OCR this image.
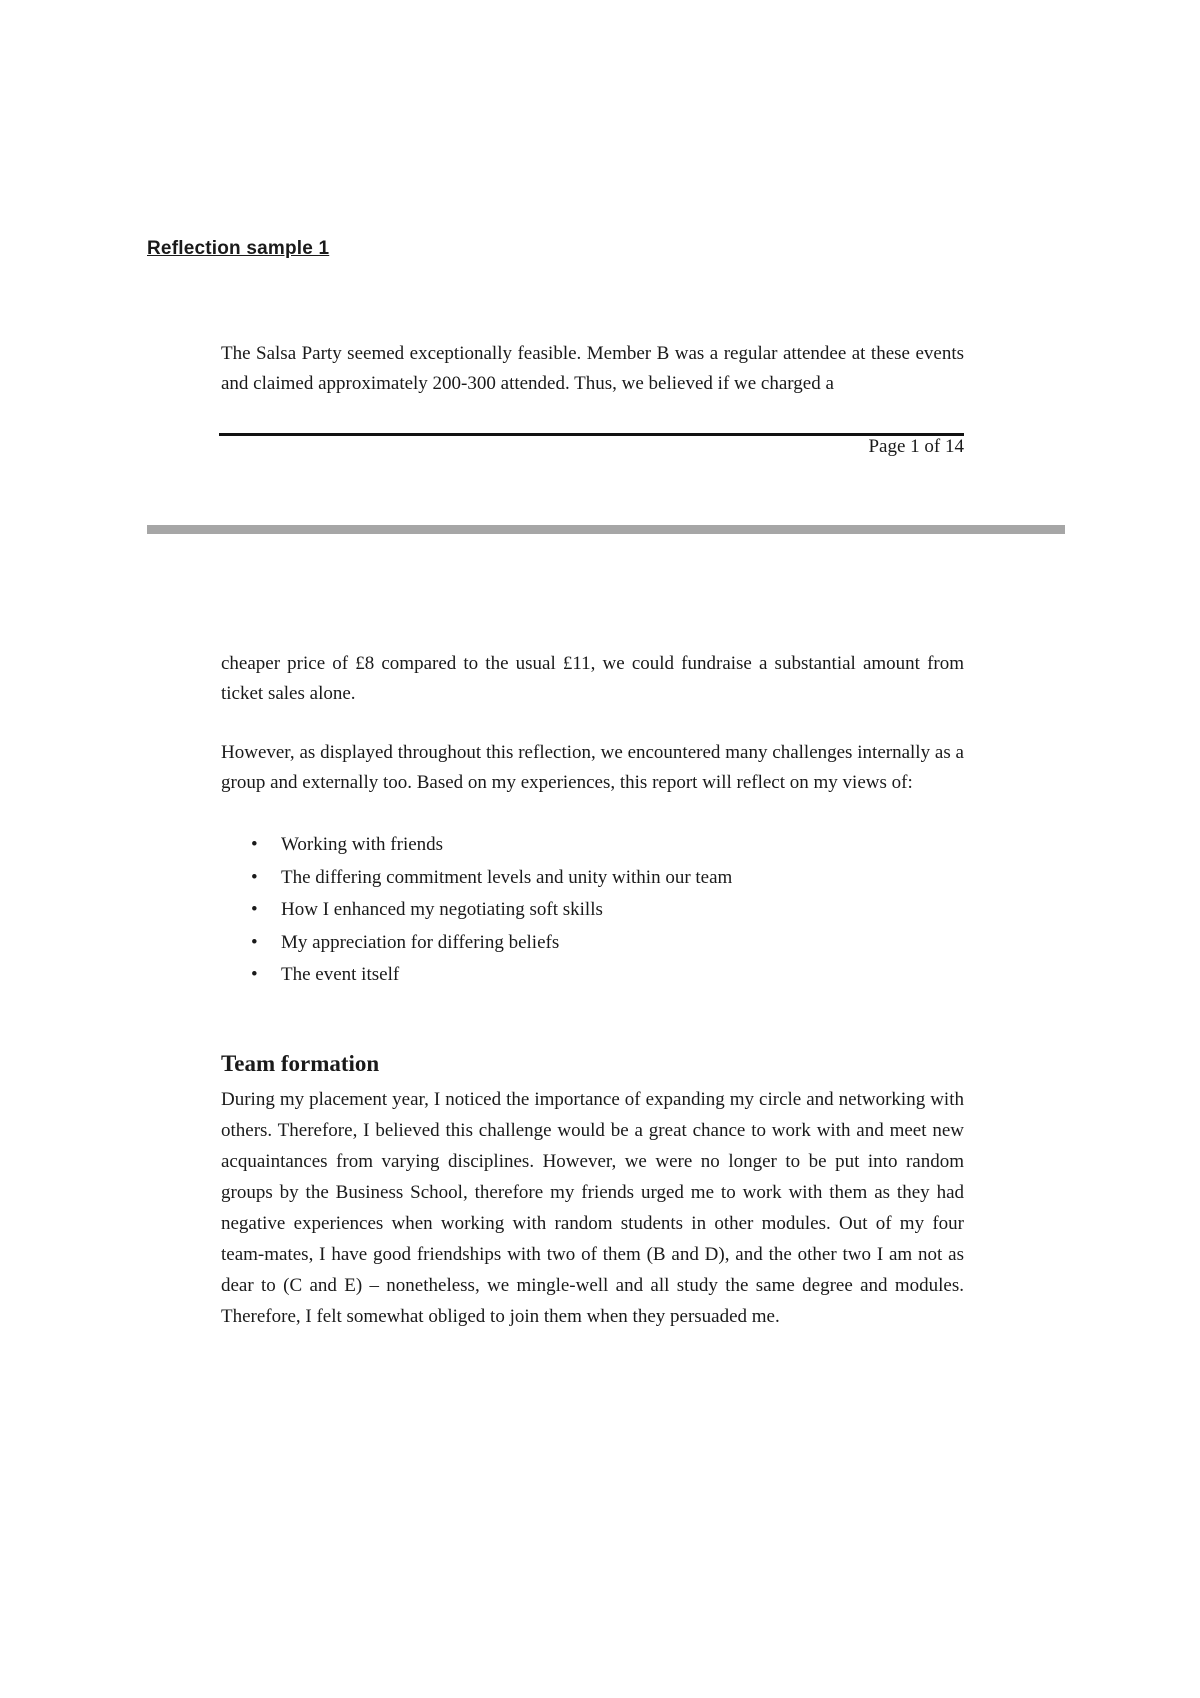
Reflection sample 1

The Salsa Party seemed exceptionally feasible. Member B was a regular attendee at these events and claimed approximately 200-300 attended. Thus, we believed if we charged a

Page 1 of 14

cheaper price of £8 compared to the usual £11, we could fundraise a substantial amount from ticket sales alone.

However, as displayed throughout this reflection, we encountered many challenges internally as a group and externally too. Based on my experiences, this report will reflect on my views of:

• Working with friends
• The differing commitment levels and unity within our team
• How I enhanced my negotiating soft skills
• My appreciation for differing beliefs
• The event itself
Team formation

During my placement year, I noticed the importance of expanding my circle and networking with others. Therefore, I believed this challenge would be a great chance to work with and meet new acquaintances from varying disciplines. However, we were no longer to be put into random groups by the Business School, therefore my friends urged me to work with them as they had negative experiences when working with random students in other modules. Out of my four team-mates, I have good friendships with two of them (B and D), and the other two I am not as dear to (C and E) – nonetheless, we mingle-well and all study the same degree and modules. Therefore, I felt somewhat obliged to join them when they persuaded me.
